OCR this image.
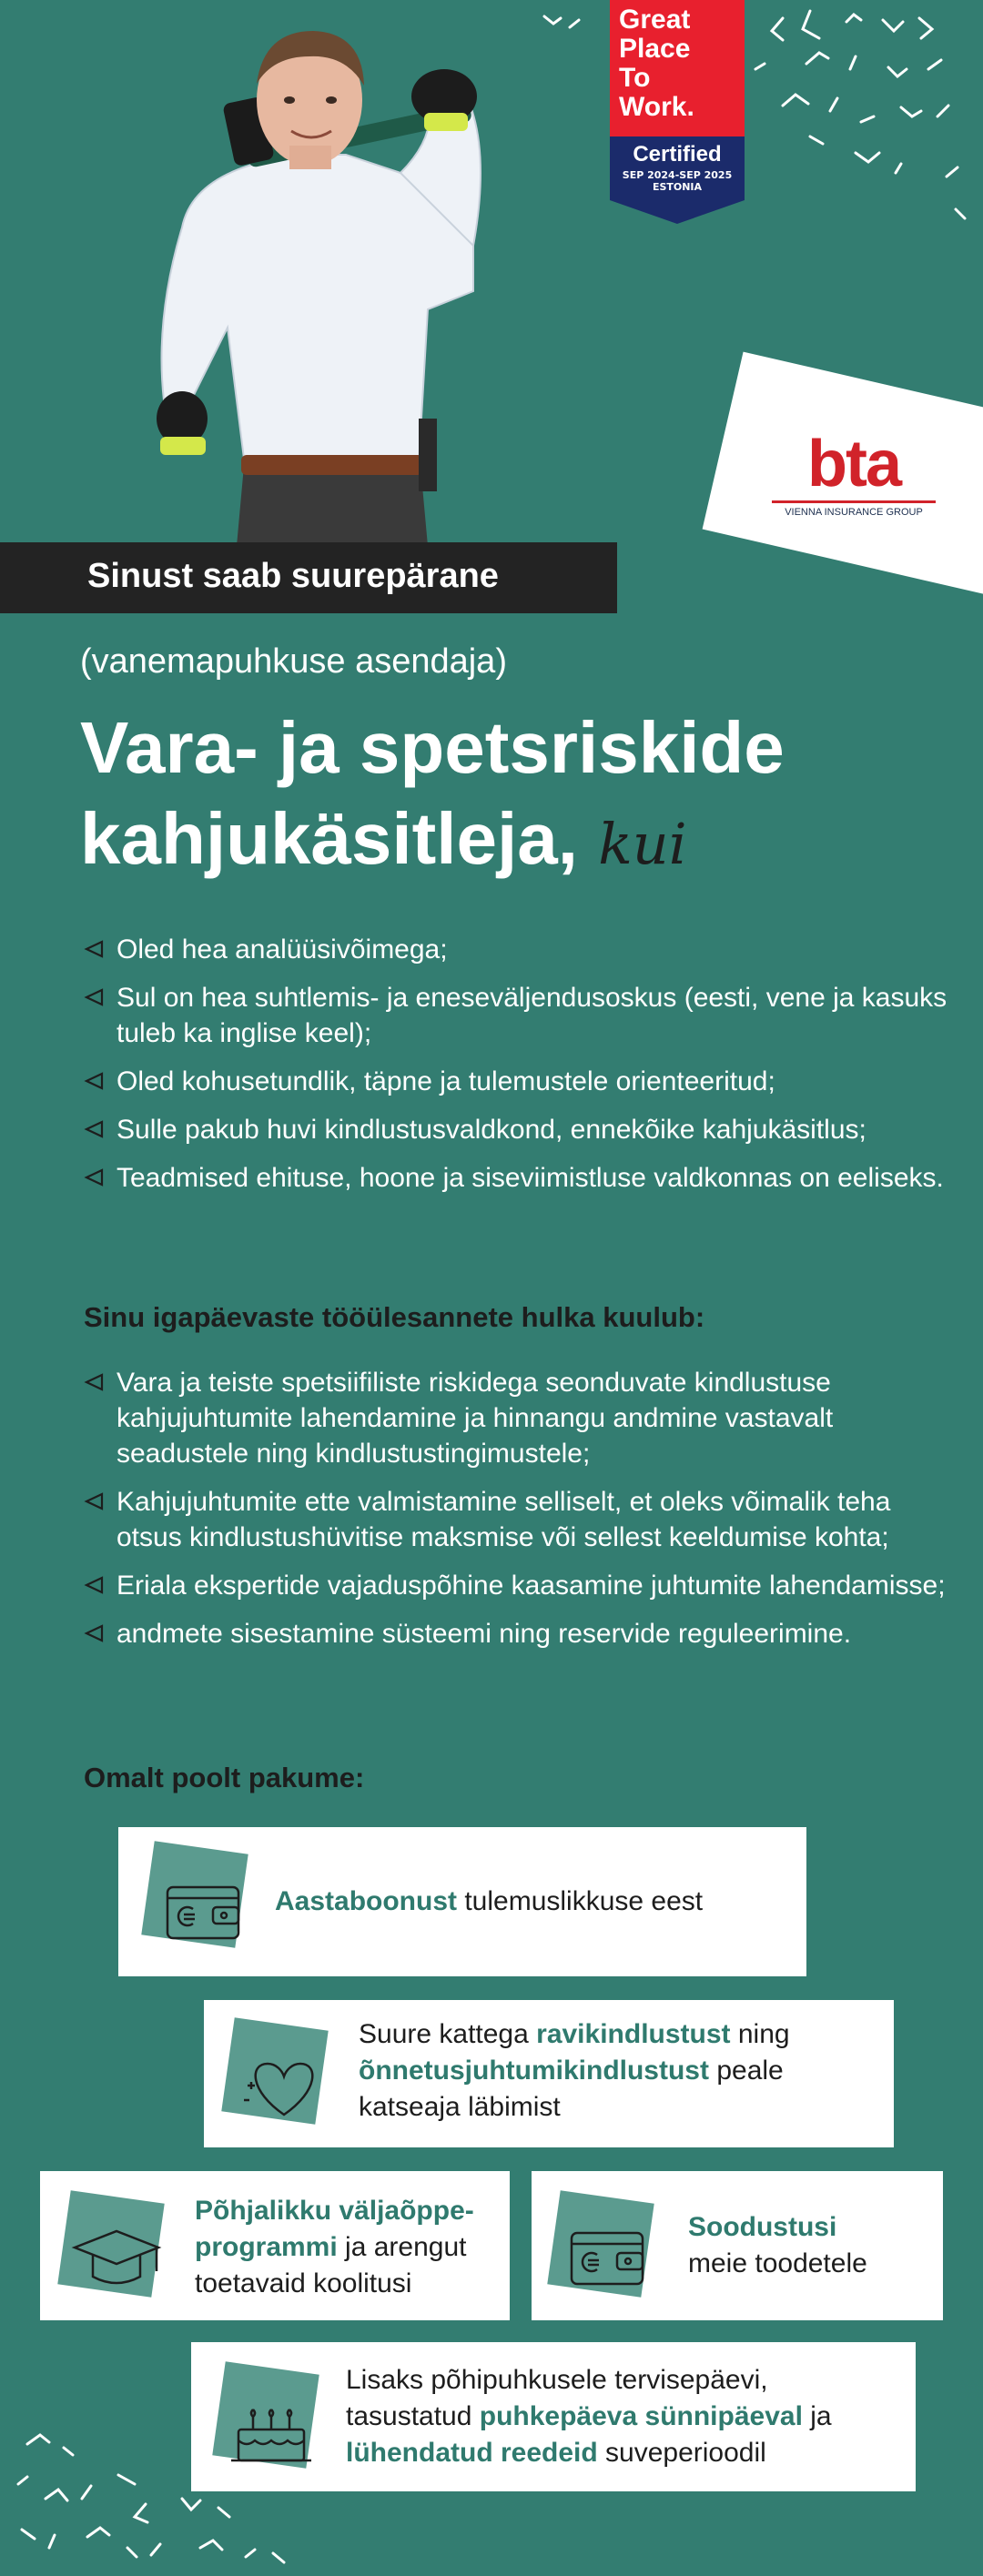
Great
Place
To
Work.
Certified
SEP 2024-SEP 2025
ESTONIA
bta
VIENNA INSURANCE GROUP
Sinust saab suurepärane
(vanemapuhkuse asendaja)
Vara- ja spetsriskide
kahjukäsitleja, kui
Oled hea analüüsivõimega;
Sul on hea suhtlemis- ja eneseväljendusoskus (eesti, vene ja kasuks tuleb ka inglise keel);
Oled kohusetundlik, täpne ja tulemustele orienteeritud;
Sulle pakub huvi kindlustusvaldkond, ennekõike kahjukäsitlus;
Teadmised ehituse, hoone ja siseviimistluse valdkonnas on eeliseks.
Sinu igapäevaste tööülesannete hulka kuulub:
Vara ja teiste spetsiifiliste riskidega seonduvate kindlustuse kahjujuhtumite lahendamine ja hinnangu andmine vastavalt seadustele ning kindlustustingimustele;
Kahjujuhtumite ette valmistamine selliselt, et oleks võimalik teha otsus kindlustushüvitise maksmise või sellest keeldumise kohta;
Eriala ekspertide vajaduspõhine kaasamine juhtumite lahendamisse;
andmete sisestamine süsteemi ning reservide reguleerimine.
Omalt poolt pakume:
Aastaboonust tulemuslikkuse eest
Suure kattega ravikindlustust ning õnnetusjuhtumikindlustust peale katseaja läbimist
Põhjalikku väljaõppe-
programmi ja arengut
toetavaid koolitusi
Soodustusi
meie toodetele
Lisaks põhipuhkusele tervisepäevi,
tasustatud puhkepäeva sünnipäeval ja
lühendatud reedeid suveperioodil
